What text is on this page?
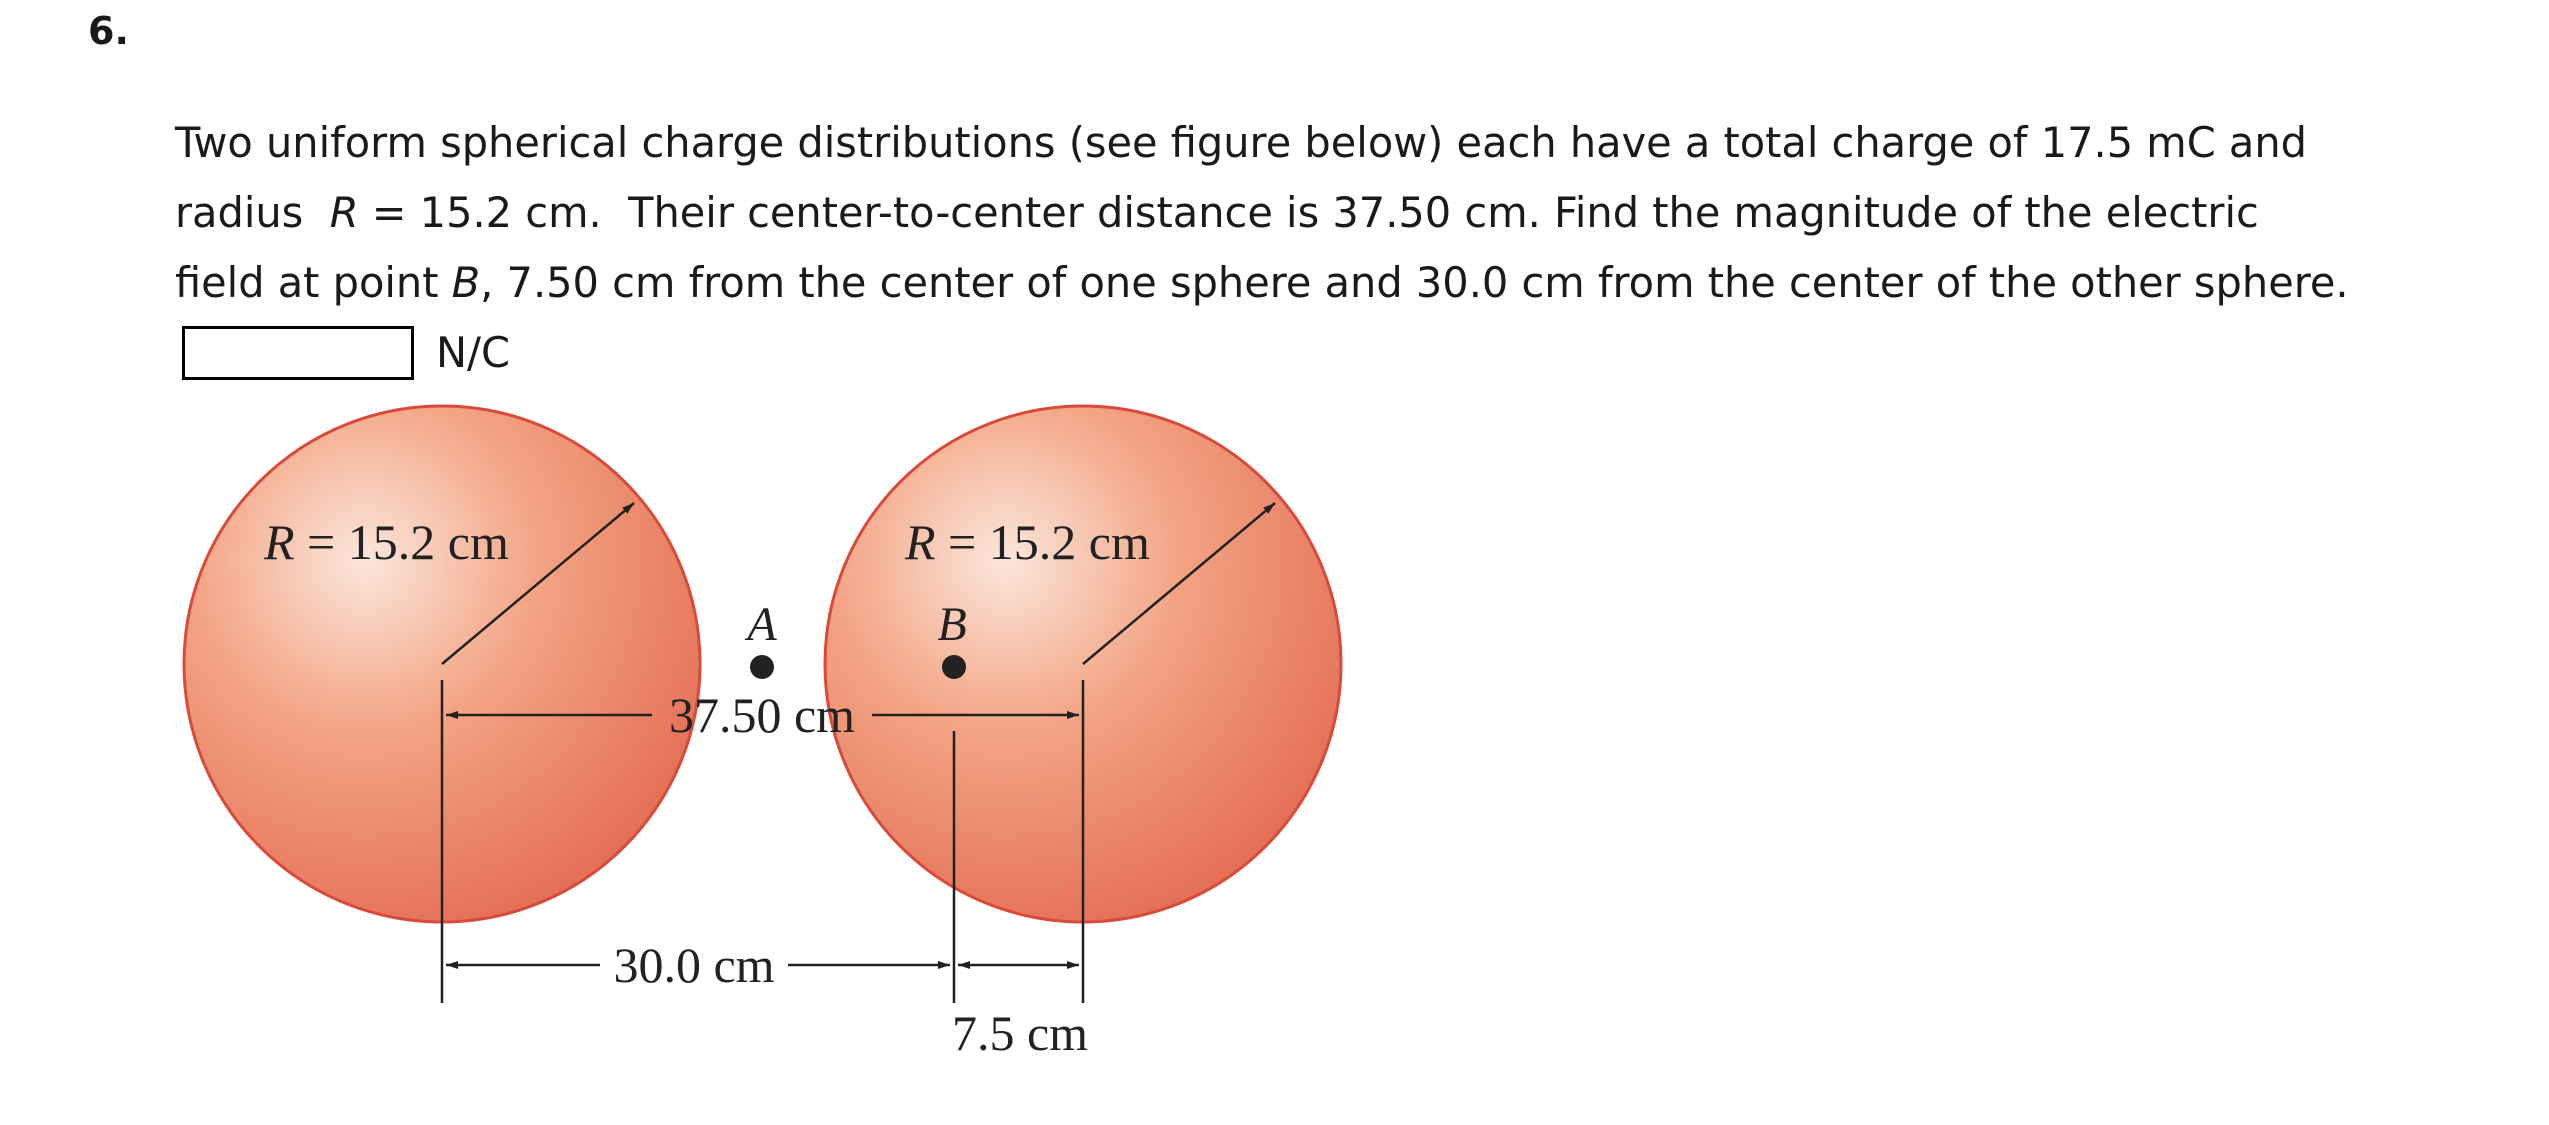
6.
Two uniform spherical charge distributions (see figure below) each have a total charge of 17.5 mC and
radius  R = 15.2 cm.  Their center-to-center distance is 37.50 cm. Find the magnitude of the electric
field at point B, 7.50 cm from the center of one sphere and 30.0 cm from the center of the other sphere.
N/C
R = 15.2 cm	R = 15.2 cm
A	B
37.50 cm
30.0 cm
7.5 cm
